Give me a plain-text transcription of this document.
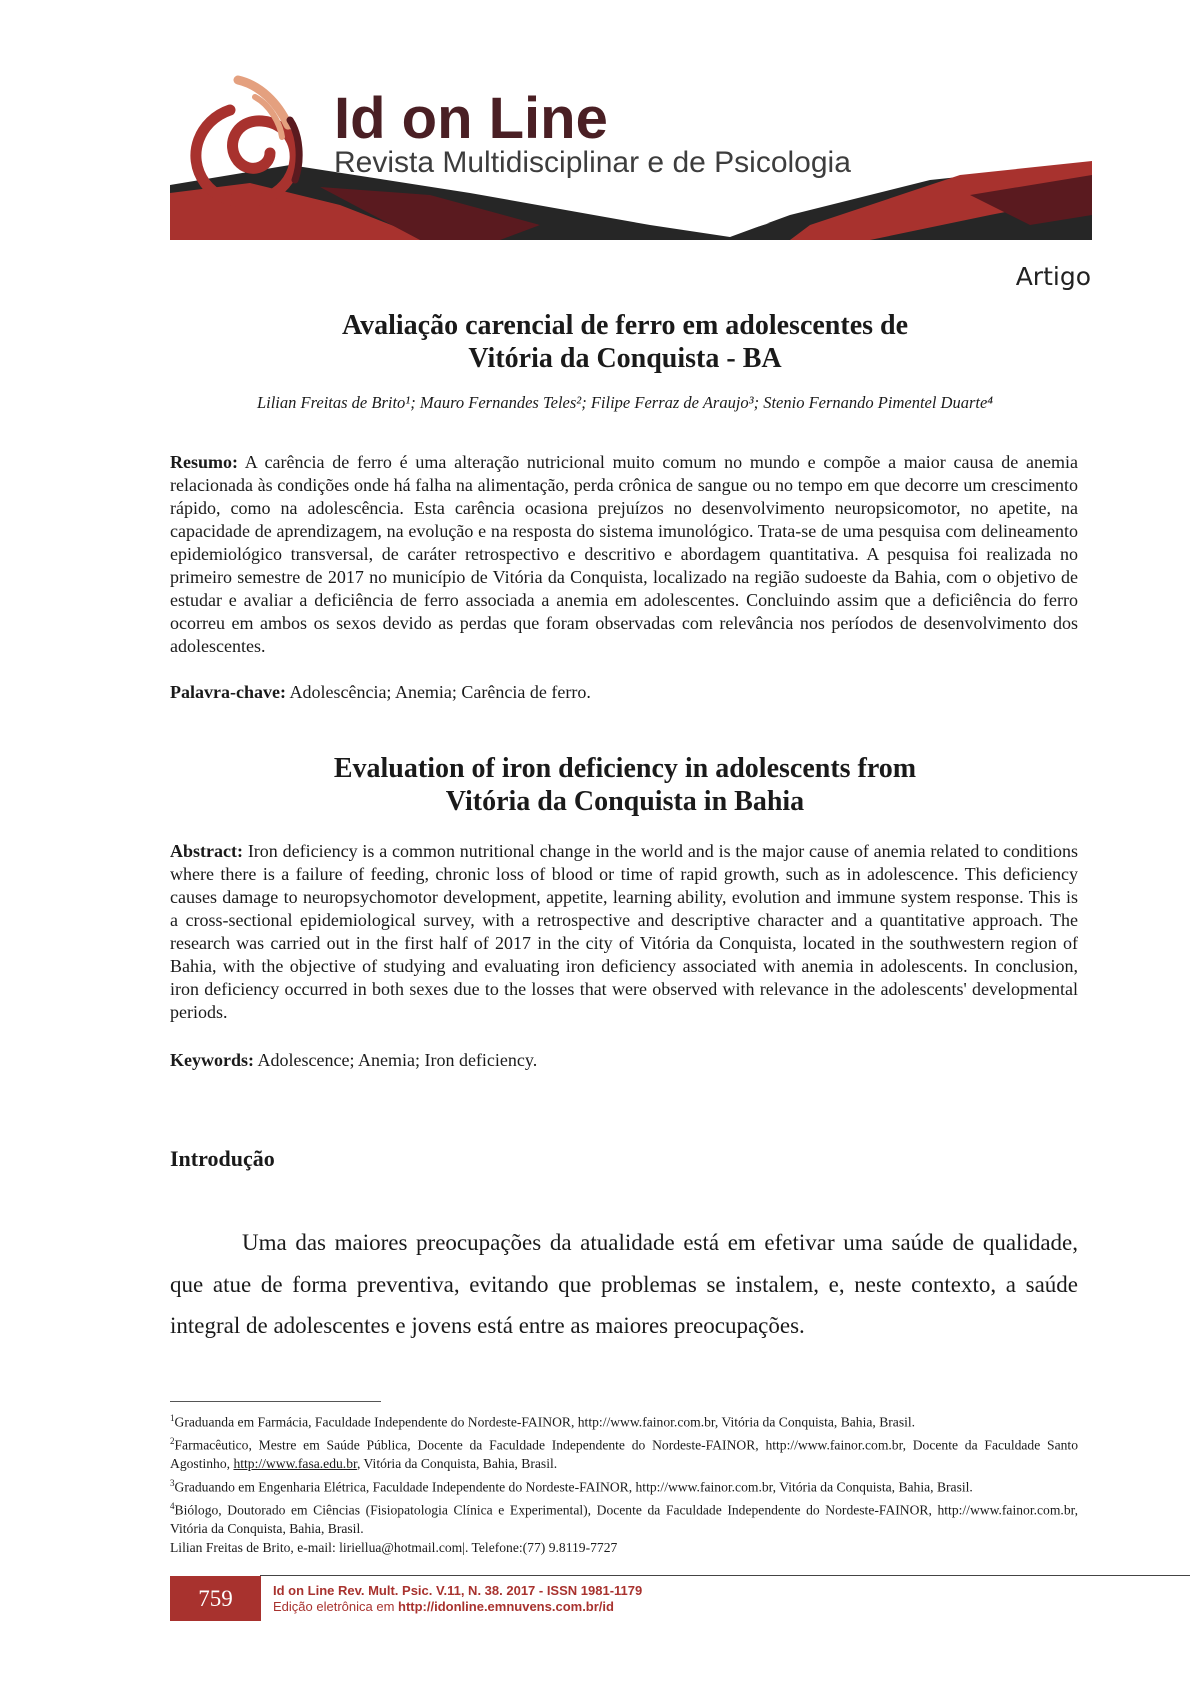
Id on Line
Revista Multidisciplinar e de Psicologia
Artigo
Avaliação carencial de ferro em adolescentes de
Vitória da Conquista - BA
Lilian Freitas de Brito¹; Mauro Fernandes Teles²; Filipe Ferraz de Araujo³; Stenio Fernando Pimentel Duarte⁴
Resumo: A carência de ferro é uma alteração nutricional muito comum no mundo e compõe a maior causa de anemia relacionada às condições onde há falha na alimentação, perda crônica de sangue ou no tempo em que decorre um crescimento rápido, como na adolescência. Esta carência ocasiona prejuízos no desenvolvimento neuropsicomotor, no apetite, na capacidade de aprendizagem, na evolução e na resposta do sistema imunológico. Trata-se de uma pesquisa com delineamento epidemiológico transversal, de caráter retrospectivo e descritivo e abordagem quantitativa. A pesquisa foi realizada no primeiro semestre de 2017 no município de Vitória da Conquista, localizado na região sudoeste da Bahia, com o objetivo de estudar e avaliar a deficiência de ferro associada a anemia em adolescentes. Concluindo assim que a deficiência do ferro ocorreu em ambos os sexos devido as perdas que foram observadas com relevância nos períodos de desenvolvimento dos adolescentes.
Palavra-chave: Adolescência; Anemia; Carência de ferro.
Evaluation of iron deficiency in adolescents from
Vitória da Conquista in Bahia
Abstract: Iron deficiency is a common nutritional change in the world and is the major cause of anemia related to conditions where there is a failure of feeding, chronic loss of blood or time of rapid growth, such as in adolescence. This deficiency causes damage to neuropsychomotor development, appetite, learning ability, evolution and immune system response. This is a cross-sectional epidemiological survey, with a retrospective and descriptive character and a quantitative approach. The research was carried out in the first half of 2017 in the city of Vitória da Conquista, located in the southwestern region of Bahia, with the objective of studying and evaluating iron deficiency associated with anemia in adolescents. In conclusion, iron deficiency occurred in both sexes due to the losses that were observed with relevance in the adolescents' developmental periods.
Keywords: Adolescence; Anemia; Iron deficiency.
Introdução
Uma das maiores preocupações da atualidade está em efetivar uma saúde de qualidade, que atue de forma preventiva, evitando que problemas se instalem, e, neste contexto, a saúde integral de adolescentes e jovens está entre as maiores preocupações.
$^1$Graduanda em Farmácia, Faculdade Independente do Nordeste-FAINOR, http://www.fainor.com.br, Vitória da Conquista, Bahia, Brasil.
$^2$Farmacêutico, Mestre em Saúde Pública, Docente da Faculdade Independente do Nordeste-FAINOR, http://www.fainor.com.br, Docente da Faculdade Santo Agostinho, http://www.fasa.edu.br, Vitória da Conquista, Bahia, Brasil.
$^3$Graduando em Engenharia Elétrica, Faculdade Independente do Nordeste-FAINOR, http://www.fainor.com.br, Vitória da Conquista, Bahia, Brasil.
$^4$Biólogo, Doutorado em Ciências (Fisiopatologia Clínica e Experimental), Docente da Faculdade Independente do Nordeste-FAINOR, http://www.fainor.com.br, Vitória da Conquista, Bahia, Brasil.
Lilian Freitas de Brito, e-mail: liriellua@hotmail.com|. Telefone:(77) 9.8119-7727
759	Id on Line Rev. Mult. Psic. V.11, N. 38. 2017 - ISSN 1981-1179
Edição eletrônica em http://idonline.emnuvens.com.br/id
